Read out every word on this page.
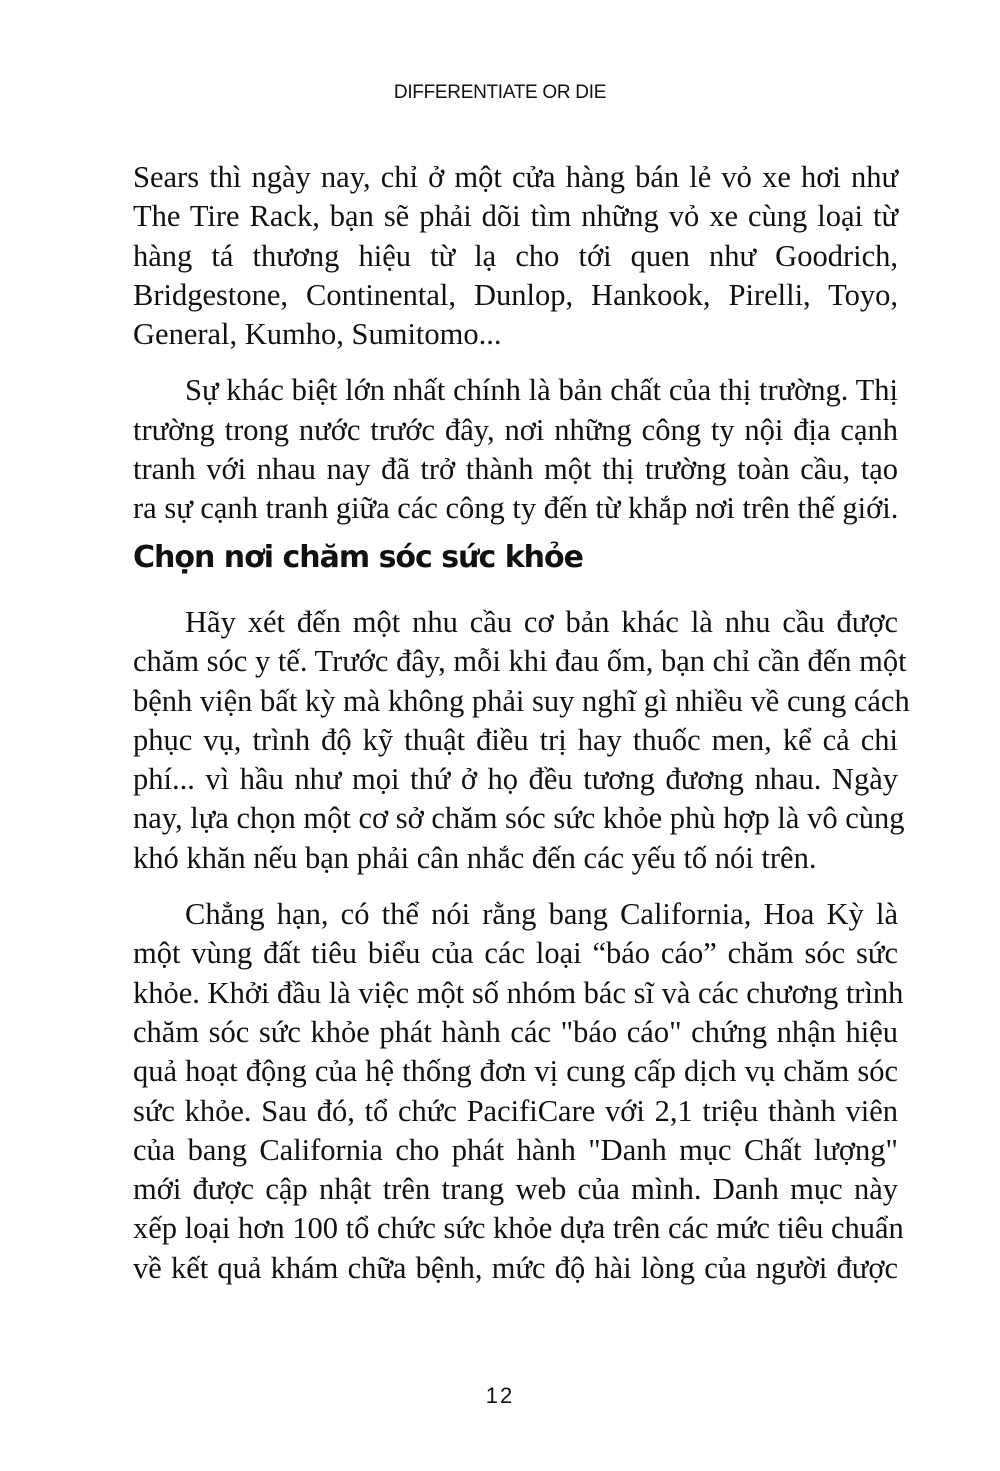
DIFFERENTIATE OR DIE
Sears thì ngày nay, chỉ ở một cửa hàng bán lẻ vỏ xe hơi như
The Tire Rack, bạn sẽ phải dõi tìm những vỏ xe cùng loại từ
hàng tá thương hiệu từ lạ cho tới quen như Goodrich,
Bridgestone, Continental, Dunlop, Hankook, Pirelli, Toyo,
General, Kumho, Sumitomo...
Sự khác biệt lớn nhất chính là bản chất của thị trường. Thị
trường trong nước trước đây, nơi những công ty nội địa cạnh
tranh với nhau nay đã trở thành một thị trường toàn cầu, tạo
ra sự cạnh tranh giữa các công ty đến từ khắp nơi trên thế giới.
Chọn nơi chăm sóc sức khỏe
Hãy xét đến một nhu cầu cơ bản khác là nhu cầu được
chăm sóc y tế. Trước đây, mỗi khi đau ốm, bạn chỉ cần đến một
bệnh viện bất kỳ mà không phải suy nghĩ gì nhiều về cung cách
phục vụ, trình độ kỹ thuật điều trị hay thuốc men, kể cả chi
phí... vì hầu như mọi thứ ở họ đều tương đương nhau. Ngày
nay, lựa chọn một cơ sở chăm sóc sức khỏe phù hợp là vô cùng
khó khăn nếu bạn phải cân nhắc đến các yếu tố nói trên.
Chẳng hạn, có thể nói rằng bang California, Hoa Kỳ là
một vùng đất tiêu biểu của các loại “báo cáo” chăm sóc sức
khỏe. Khởi đầu là việc một số nhóm bác sĩ và các chương trình
chăm sóc sức khỏe phát hành các "báo cáo" chứng nhận hiệu
quả hoạt động của hệ thống đơn vị cung cấp dịch vụ chăm sóc
sức khỏe. Sau đó, tổ chức PacifiCare với 2,1 triệu thành viên
của bang California cho phát hành "Danh mục Chất lượng"
mới được cập nhật trên trang web của mình. Danh mục này
xếp loại hơn 100 tổ chức sức khỏe dựa trên các mức tiêu chuẩn
về kết quả khám chữa bệnh, mức độ hài lòng của người được
12
